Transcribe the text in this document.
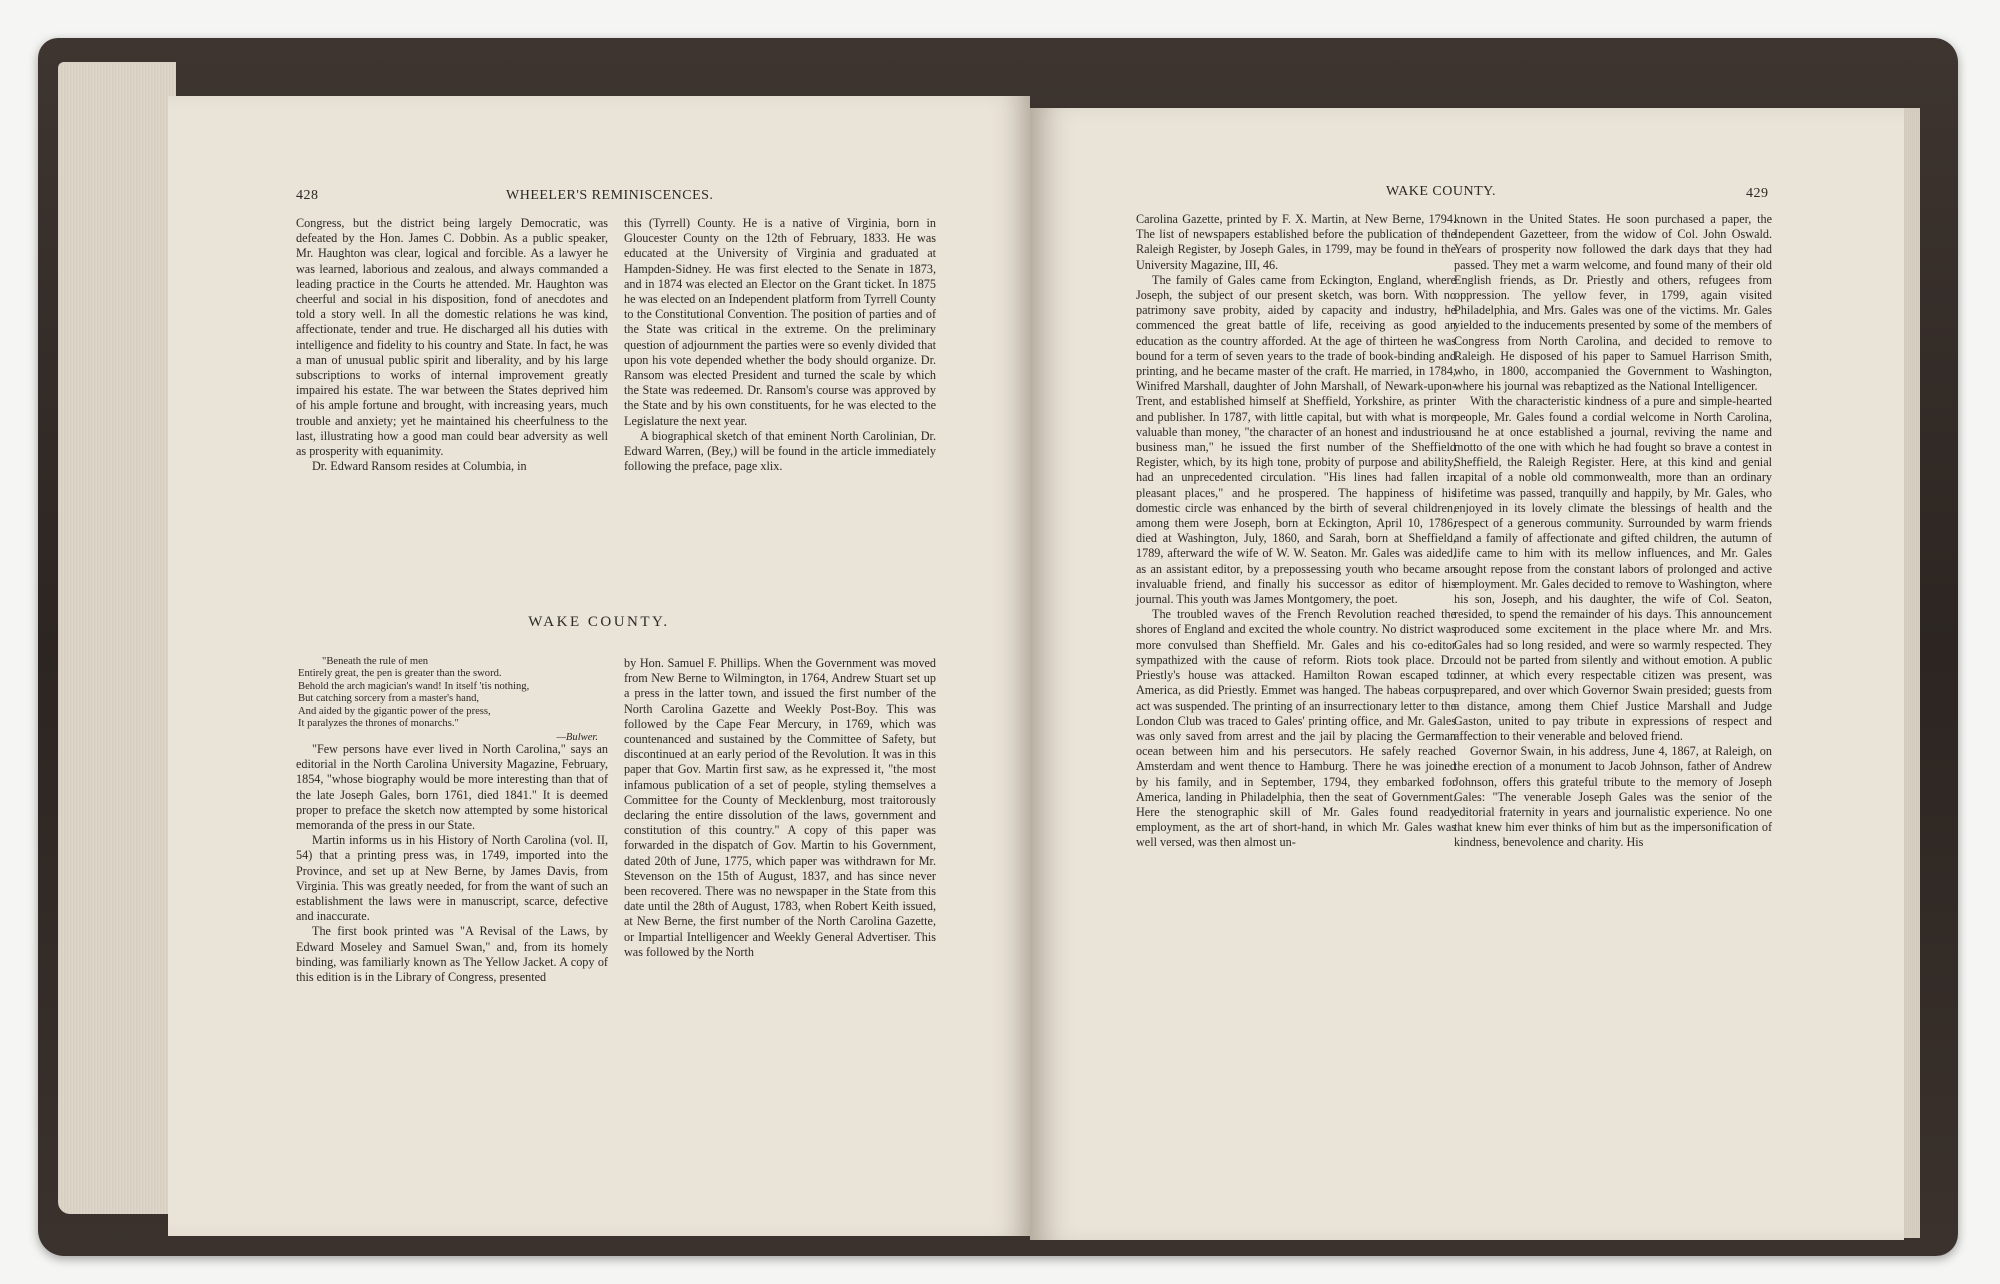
428	WHEELER'S REMINISCENCES.

Congress, but the district being largely Democratic, was defeated by the Hon. James C. Dobbin. As a public speaker, Mr. Haughton was clear, logical and forcible. As a lawyer he was learned, laborious and zealous, and always commanded a leading practice in the Courts he attended. Mr. Haughton was cheerful and social in his disposition, fond of anecdotes and told a story well. In all the domestic relations he was kind, affectionate, tender and true. He discharged all his duties with intelligence and fidelity to his country and State. In fact, he was a man of unusual public spirit and liberality, and by his large subscriptions to works of internal improvement greatly impaired his estate. The war between the States deprived him of his ample fortune and brought, with increasing years, much trouble and anxiety; yet he maintained his cheerfulness to the last, illustrating how a good man could bear adversity as well as prosperity with equanimity.

Dr. Edward Ransom resides at Columbia, in

this (Tyrrell) County. He is a native of Virginia, born in Gloucester County on the 12th of February, 1833. He was educated at the University of Virginia and graduated at Hampden-Sidney. He was first elected to the Senate in 1873, and in 1874 was elected an Elector on the Grant ticket. In 1875 he was elected on an Independent platform from Tyrrell County to the Constitutional Convention. The position of parties and of the State was critical in the extreme. On the preliminary question of adjournment the parties were so evenly divided that upon his vote depended whether the body should organize. Dr. Ransom was elected President and turned the scale by which the State was redeemed. Dr. Ransom's course was approved by the State and by his own constituents, for he was elected to the Legislature the next year.

A biographical sketch of that eminent North Carolinian, Dr. Edward Warren, (Bey,) will be found in the article immediately following the preface, page xlix.

WAKE COUNTY.
"Beneath the rule of men
Entirely great, the pen is greater than the sword.
Behold the arch magician's wand! In itself 'tis nothing,
But catching sorcery from a master's hand,
And aided by the gigantic power of the press,
It paralyzes the thrones of monarchs."
—Bulwer.

"Few persons have ever lived in North Carolina," says an editorial in the North Carolina University Magazine, February, 1854, "whose biography would be more interesting than that of the late Joseph Gales, born 1761, died 1841." It is deemed proper to preface the sketch now attempted by some historical memoranda of the press in our State.

Martin informs us in his History of North Carolina (vol. II, 54) that a printing press was, in 1749, imported into the Province, and set up at New Berne, by James Davis, from Virginia. This was greatly needed, for from the want of such an establishment the laws were in manuscript, scarce, defective and inaccurate.

The first book printed was "A Revisal of the Laws, by Edward Moseley and Samuel Swan," and, from its homely binding, was familiarly known as The Yellow Jacket. A copy of this edition is in the Library of Congress, presented

by Hon. Samuel F. Phillips. When the Government was moved from New Berne to Wilmington, in 1764, Andrew Stuart set up a press in the latter town, and issued the first number of the North Carolina Gazette and Weekly Post-Boy. This was followed by the Cape Fear Mercury, in 1769, which was countenanced and sustained by the Committee of Safety, but discontinued at an early period of the Revolution. It was in this paper that Gov. Martin first saw, as he expressed it, "the most infamous publication of a set of people, styling themselves a Committee for the County of Mecklenburg, most traitorously declaring the entire dissolution of the laws, government and constitution of this country." A copy of this paper was forwarded in the dispatch of Gov. Martin to his Government, dated 20th of June, 1775, which paper was withdrawn for Mr. Stevenson on the 15th of August, 1837, and has since never been recovered. There was no newspaper in the State from this date until the 28th of August, 1783, when Robert Keith issued, at New Berne, the first number of the North Carolina Gazette, or Impartial Intelligencer and Weekly General Advertiser. This was followed by the North

WAKE COUNTY.	429

Carolina Gazette, printed by F. X. Martin, at New Berne, 1794. The list of newspapers established before the publication of the Raleigh Register, by Joseph Gales, in 1799, may be found in the University Magazine, III, 46.

The family of Gales came from Eckington, England, where Joseph, the subject of our present sketch, was born. With no patrimony save probity, aided by capacity and industry, he commenced the great battle of life, receiving as good an education as the country afforded. At the age of thirteen he was bound for a term of seven years to the trade of book-binding and printing, and he became master of the craft. He married, in 1784, Winifred Marshall, daughter of John Marshall, of Newark-upon-Trent, and established himself at Sheffield, Yorkshire, as printer and publisher. In 1787, with little capital, but with what is more valuable than money, "the character of an honest and industrious business man," he issued the first number of the Sheffield Register, which, by its high tone, probity of purpose and ability, had an unprecedented circulation. "His lines had fallen in pleasant places," and he prospered. The happiness of his domestic circle was enhanced by the birth of several children, among them were Joseph, born at Eckington, April 10, 1786, died at Washington, July, 1860, and Sarah, born at Sheffield, 1789, afterward the wife of W. W. Seaton. Mr. Gales was aided, as an assistant editor, by a prepossessing youth who became an invaluable friend, and finally his successor as editor of his journal. This youth was James Montgomery, the poet.

The troubled waves of the French Revolution reached the shores of England and excited the whole country. No district was more convulsed than Sheffield. Mr. Gales and his co-editor sympathized with the cause of reform. Riots took place. Dr. Priestly's house was attacked. Hamilton Rowan escaped to America, as did Priestly. Emmet was hanged. The habeas corpus act was suspended. The printing of an insurrectionary letter to the London Club was traced to Gales' printing office, and Mr. Gales was only saved from arrest and the jail by placing the German ocean between him and his persecutors. He safely reached Amsterdam and went thence to Hamburg. There he was joined by his family, and in September, 1794, they embarked for America, landing in Philadelphia, then the seat of Government. Here the stenographic skill of Mr. Gales found ready employment, as the art of short-hand, in which Mr. Gales was well versed, was then almost un-

known in the United States. He soon purchased a paper, the Independent Gazetteer, from the widow of Col. John Oswald. Years of prosperity now followed the dark days that they had passed. They met a warm welcome, and found many of their old English friends, as Dr. Priestly and others, refugees from oppression. The yellow fever, in 1799, again visited Philadelphia, and Mrs. Gales was one of the victims. Mr. Gales yielded to the inducements presented by some of the members of Congress from North Carolina, and decided to remove to Raleigh. He disposed of his paper to Samuel Harrison Smith, who, in 1800, accompanied the Government to Washington, where his journal was rebaptized as the National Intelligencer.

With the characteristic kindness of a pure and simple-hearted people, Mr. Gales found a cordial welcome in North Carolina, and he at once established a journal, reviving the name and motto of the one with which he had fought so brave a contest in Sheffield, the Raleigh Register. Here, at this kind and genial capital of a noble old commonwealth, more than an ordinary lifetime was passed, tranquilly and happily, by Mr. Gales, who enjoyed in its lovely climate the blessings of health and the respect of a generous community. Surrounded by warm friends and a family of affectionate and gifted children, the autumn of life came to him with its mellow influences, and Mr. Gales sought repose from the constant labors of prolonged and active employment. Mr. Gales decided to remove to Washington, where his son, Joseph, and his daughter, the wife of Col. Seaton, resided, to spend the remainder of his days. This announcement produced some excitement in the place where Mr. and Mrs. Gales had so long resided, and were so warmly respected. They could not be parted from silently and without emotion. A public dinner, at which every respectable citizen was present, was prepared, and over which Governor Swain presided; guests from a distance, among them Chief Justice Marshall and Judge Gaston, united to pay tribute in expressions of respect and affection to their venerable and beloved friend.

Governor Swain, in his address, June 4, 1867, at Raleigh, on the erection of a monument to Jacob Johnson, father of Andrew Johnson, offers this grateful tribute to the memory of Joseph Gales: "The venerable Joseph Gales was the senior of the editorial fraternity in years and journalistic experience. No one that knew him ever thinks of him but as the impersonification of kindness, benevolence and charity. His
